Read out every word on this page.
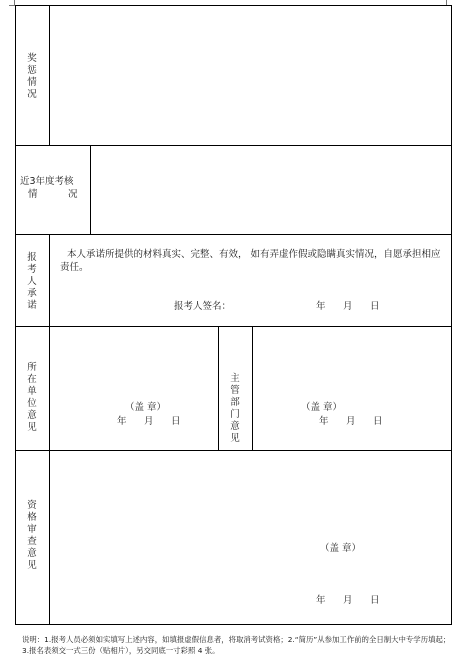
奖惩情况
近3年度考核
情	况
报考人承诺
本人承诺所提供的材料真实、完整、有效， 如有弄虚作假或隐瞒真实情况，自愿承担相应责任。
报考人签名：	年 月 日
所在单位意见
（盖 章）
年 月 日
主管部门意见
（盖 章）
年 月 日
资格审查意见
（盖 章）
年 月 日
说明：1.报考人员必须如实填写上述内容，如填报虚假信息者，将取消考试资格；2.“简历”从参加工作前的全日制大中专学历填起；3.报名表须交一式三份（贴相片），另交同底一寸彩照 4 张。
